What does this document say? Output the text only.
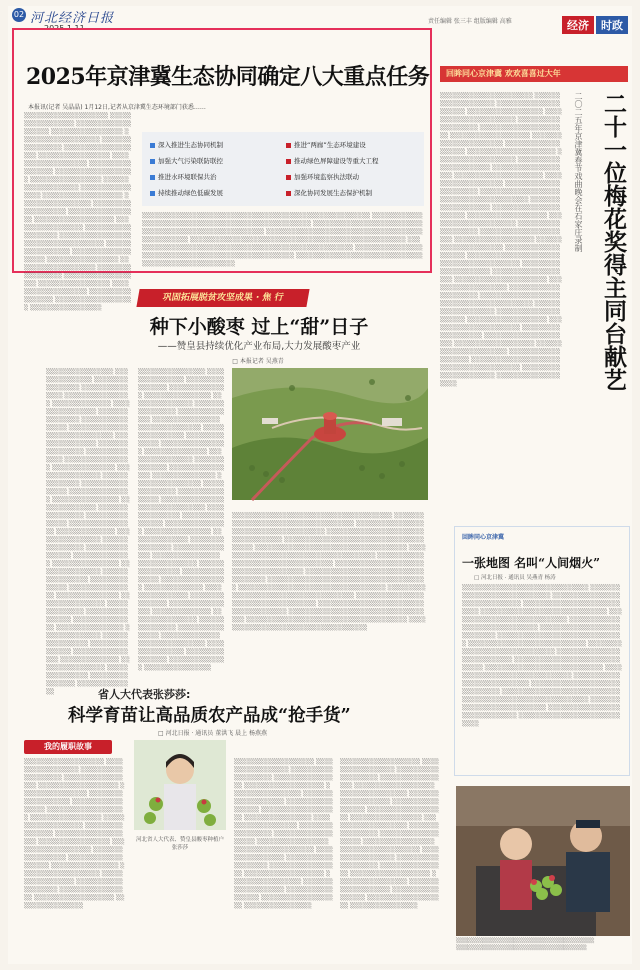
02 河北经济日报	责任编辑 张三丰 组版编辑 高雅	经济	时政
2025年京津冀生态协同确定八大重点任务
本报讯(记者 吴晶晶) 1月12日,记者从京津冀生态环境部门获悉……
░░░░░░░░░░░░░░░░░░░░ ░░░░░░░░░░░░░░░░░ ░░░░░░░░░░░░░░░░░░░ ░░░░░░░░░░░░░░░░░ ░░░░░░░░░░░░░░░░░░░ ░░░░░░░░░░░░░░░░ ░░░░░░░░░░░░░░░░░░░ ░░░░░░░░░░░░░░░░░ ░░░░░░░░░░░░░░░░░░░ ░░░░░░░░░░░░░░░░░ ░░░░░░░░░░░░░░░░░░░ ░░░░░░░░░░░░░░░░░ ░░░░░░░░░░░░░░░░░░░ ░░░░░░░░░░░░░░░░ ░░░░░░░░░░░░░░░░░░░ ░░░░░░░░░░░░░░░░░ ░░░░░░░░░░░░░░░░░░░ ░░░░░░░░░░░░░░░░░ ░░░░░░░░░░░░░░░░░░░ ░░░░░░░░░░░░░░░░░ ░░░░░░░░░░░░░░░░░░░ ░░░░░░░░░░░░░░░░░ ░░░░░░░░░░░░░░░░░░░ ░░░░░░░░░░░░░░░░░ ░░░░░░░░░░░░░░░░░░░ ░░░░░░░░░░░░░░░░░ ░░░░░░░░░░░░░░░░░░░ ░░░░░░░░░░░░░░░░░ ░░░░░░░░░░░░░░░░░░░ ░░░░░░░░░░░░░░░░░ ░░░░░░░░░░░░░░░░░░░ ░░░░░░░░░░░░░░░░░ ░░░░░░░░░░░░░░░░░░░ ░░░░░░░░░░░░░░░░░
深入推进生态协同机制
加强大气污染联防联控
推进水环境联保共治
持续推动绿色低碳发展
推进“两廊”生态环境建设
推动绿色屏障建设等重大工程
加强环境监察执法联动
深化协同发展生态保护机制
░░░░░░░░░░░░░░░░░░░░░░░░░░░░░░░░░░░░░░░░░░░░░░░░░░░░░░ ░░░░░░░░░░░░░░░░░░░░░░░░░░░░░░░░░░░░░░░░░░░░░░░░░░░░ ░░░░░░░░░░░░░░░░░░░░░░░░░░░░░░░░░░░░░░░░░░░░░░░░░░░░░░░ ░░░░░░░░░░░░░░░░░░░░░░░░░░░░░░░░░░░░░░░░░░░░░░░░ ░░░░░░░░░░░░░░░░░░░░░░░░░░░░░░░░░░░░░░░░░░░░░░░░░░░ ░░░░░░░░░░░░░░░░░░░░░░░░░░░░░░░░░░░░░░░░░░░░░░░░░░░░░ ░░░░░░░░░░░░░░░░░░░░░░░░░░░░░░░░░░░░░░░░░░░░░░░░░░░░ ░░░░░░░░░░░░░░░░░░░░░░░░░░░░░░░░░░░░░░░░░░░░░░░░░░░░
回眸同心京津冀 欢欢喜喜过大年
二十一位梅花奖得主同台献艺
二〇二五年京津冀春节戏曲晚会在石家庄录制
░░░░░░░░░░░░░░░░░░░░░░ ░░░░░░░░░░░░░░░░░░░ ░░░░░░░░░░░░░░░░░░░░░ ░░░░░░░░░░░░░░░░░░ ░░░░░░░░░░░░░░░░░░░░░░ ░░░░░░░░░░░░░░░░░░░ ░░░░░░░░░░░░░░░░░░░░░ ░░░░░░░░░░░░░░░░░░░ ░░░░░░░░░░░░░░░░░░░░░░ ░░░░░░░░░░░░░░░░░░░ ░░░░░░░░░░░░░░░░░░░░░ ░░░░░░░░░░░░░░░░░░░ ░░░░░░░░░░░░░░░░░░░░░░ ░░░░░░░░░░░░░░░░░░░ ░░░░░░░░░░░░░░░░░░░░░ ░░░░░░░░░░░░░░░░░░░ ░░░░░░░░░░░░░░░░░░░░░░ ░░░░░░░░░░░░░░░░░░░ ░░░░░░░░░░░░░░░░░░░░░ ░░░░░░░░░░░░░░░░░░░ ░░░░░░░░░░░░░░░░░░░░░░ ░░░░░░░░░░░░░░░░░░░ ░░░░░░░░░░░░░░░░░░░░░ ░░░░░░░░░░░░░░░░░░░ ░░░░░░░░░░░░░░░░░░░░░░ ░░░░░░░░░░░░░░░░░░░ ░░░░░░░░░░░░░░░░░░░░░ ░░░░░░░░░░░░░░░░░░░ ░░░░░░░░░░░░░░░░░░░░░░ ░░░░░░░░░░░░░░░░░░░ ░░░░░░░░░░░░░░░░░░░░░ ░░░░░░░░░░░░░░░░░░░ ░░░░░░░░░░░░░░░░░░░░░░ ░░░░░░░░░░░░░░░░░░░ ░░░░░░░░░░░░░░░░░░░░░ ░░░░░░░░░░░░░░░░░░░ ░░░░░░░░░░░░░░░░░░░░░░ ░░░░░░░░░░░░░░░░░░░ ░░░░░░░░░░░░░░░░░░░░░ ░░░░░░░░░░░░░░░░░░░ ░░░░░░░░░░░░░░░░░░░░░░ ░░░░░░░░░░░░░░░░░░░ ░░░░░░░░░░░░░░░░░░░░░ ░░░░░░░░░░░░░░░░░░░ ░░░░░░░░░░░░░░░░░░░░░░ ░░░░░░░░░░░░░░░░░░░ ░░░░░░░░░░░░░░░░░░░░░ ░░░░░░░░░░░░░░░░░░░ ░░░░░░░░░░░░░░░░░░░░░░ ░░░░░░░░░░░░░░░░░░░
巩固拓展脱贫攻坚成果 · 焦 行
种下小酸枣 过上“甜”日子
——赞皇县持续优化产业布局,大力发展酸枣产业
□ 本报记者 吴燕青
░░░░░░░░░░░░░░░░ ░░░░░░░░░░░░░░ ░░░░░░░░░░░░░░░░ ░░░░░░░░░░░░░░░ ░░░░░░░░░░░░░░░░ ░░░░░░░░░░░░░░ ░░░░░░░░░░░░░░░░ ░░░░░░░░░░░░░░░ ░░░░░░░░░░░░░░░░ ░░░░░░░░░░░░░░ ░░░░░░░░░░░░░░░░ ░░░░░░░░░░░░░░░ ░░░░░░░░░░░░░░░░ ░░░░░░░░░░░░░░ ░░░░░░░░░░░░░░░░ ░░░░░░░░░░░░░░░ ░░░░░░░░░░░░░░░░ ░░░░░░░░░░░░░░ ░░░░░░░░░░░░░░░░ ░░░░░░░░░░░░░░░ ░░░░░░░░░░░░░░░░ ░░░░░░░░░░░░░░ ░░░░░░░░░░░░░░░░ ░░░░░░░░░░░░░░░ ░░░░░░░░░░░░░░░░ ░░░░░░░░░░░░░░ ░░░░░░░░░░░░░░░░ ░░░░░░░░░░░░░░░ ░░░░░░░░░░░░░░░░ ░░░░░░░░░░░░░░ ░░░░░░░░░░░░░░░░ ░░░░░░░░░░░░░░░ ░░░░░░░░░░░░░░░░ ░░░░░░░░░░░░░░ ░░░░░░░░░░░░░░░░ ░░░░░░░░░░░░░░░ ░░░░░░░░░░░░░░░░ ░░░░░░░░░░░░░░ ░░░░░░░░░░░░░░░░ ░░░░░░░░░░░░░░░ ░░░░░░░░░░░░░░░░ ░░░░░░░░░░░░░░ ░░░░░░░░░░░░░░░░ ░░░░░░░░░░░░░░░ ░░░░░░░░░░░░░░░░ ░░░░░░░░░░░░░░ ░░░░░░░░░░░░░░░░ ░░░░░░░░░░░░░░░ ░░░░░░░░░░░░░░░░ ░░░░░░░░░░░░░░
░░░░░░░░░░░░░░░░ ░░░░░░░░░░░░░░░ ░░░░░░░░░░░░░░░░ ░░░░░░░░░░░░░░ ░░░░░░░░░░░░░░░░ ░░░░░░░░░░░░░░░ ░░░░░░░░░░░░░░░░ ░░░░░░░░░░░░░░ ░░░░░░░░░░░░░░░░ ░░░░░░░░░░░░░░░ ░░░░░░░░░░░░░░░░ ░░░░░░░░░░░░░░ ░░░░░░░░░░░░░░░░ ░░░░░░░░░░░░░░░ ░░░░░░░░░░░░░░░░ ░░░░░░░░░░░░░░ ░░░░░░░░░░░░░░░░ ░░░░░░░░░░░░░░░ ░░░░░░░░░░░░░░░░ ░░░░░░░░░░░░░░ ░░░░░░░░░░░░░░░░ ░░░░░░░░░░░░░░░ ░░░░░░░░░░░░░░░░ ░░░░░░░░░░░░░░ ░░░░░░░░░░░░░░░░ ░░░░░░░░░░░░░░░ ░░░░░░░░░░░░░░░░ ░░░░░░░░░░░░░░ ░░░░░░░░░░░░░░░░ ░░░░░░░░░░░░░░░ ░░░░░░░░░░░░░░░░ ░░░░░░░░░░░░░░ ░░░░░░░░░░░░░░░░ ░░░░░░░░░░░░░░░ ░░░░░░░░░░░░░░░░ ░░░░░░░░░░░░░░ ░░░░░░░░░░░░░░░░ ░░░░░░░░░░░░░░░ ░░░░░░░░░░░░░░░░ ░░░░░░░░░░░░░░ ░░░░░░░░░░░░░░░░ ░░░░░░░░░░░░░░░ ░░░░░░░░░░░░░░░░ ░░░░░░░░░░░░░░ ░░░░░░░░░░░░░░░░ ░░░░░░░░░░░░░░░ ░░░░░░░░░░░░░░░░ ░░░░░░░░░░░░░░ ░░░░░░░░░░░░░░░░
░░░░░░░░░░░░░░░░░░░░░░░░░░░░░░░░░░░░░░ ░░░░░░░░░░░░░░░░░░░░░░░░░░░░░░░░░░░░ ░░░░░░░░░░░░░░░░░░░░░░░░░░░░░░░░░░░░░░ ░░░░░░░░░░░░░░░░░░░░░░░░░░░░░░░░░░░ ░░░░░░░░░░░░░░░░░░░░░░░░░░░░░░░░░░░░░░ ░░░░░░░░░░░░░░░░░░░░░░░░░░░░░░░░░░░░ ░░░░░░░░░░░░░░░░░░░░░░░░░░░░░░░░░░░░░░ ░░░░░░░░░░░░░░░░░░░░░░░░░░░░░░░░░░░ ░░░░░░░░░░░░░░░░░░░░░░░░░░░░░░░░░░░░░░ ░░░░░░░░░░░░░░░░░░░░░░░░░░░░░░░░░░░░ ░░░░░░░░░░░░░░░░░░░░░░░░░░░░░░░░░░░░░░ ░░░░░░░░░░░░░░░░░░░░░░░░░░░░░░░░░░░ ░░░░░░░░░░░░░░░░░░░░░░░░░░░░░░░░░░░░░░ ░░░░░░░░░░░░░░░░░░░░░░░░░░░░░░░░░░░░ ░░░░░░░░░░░░░░░░░░░░░░░░░░░░░░░░░░░░░░ ░░░░░░░░░░░░░░░░░░░░░░░░░░░░░░░░░░░ ░░░░░░░░░░░░░░░░░░░░░░░░░░░░░░░░░░░░░░ ░░░░░░░░░░░░░░░░░░░░░░░░░░░░░░░░░░░░
回眸同心京津冀
一张地图 名叫“人间烟火”
□ 河北日报 · 通讯员 吴燕青 杨涛
░░░░░░░░░░░░░░░░░░░░░░░░░░░░░░ ░░░░░░░░░░░░░░░░░░░░░░░░░░░░ ░░░░░░░░░░░░░░░░░░░░░░░░░░░░░░ ░░░░░░░░░░░░░░░░░░░░░░░░░░░ ░░░░░░░░░░░░░░░░░░░░░░░░░░░░░░ ░░░░░░░░░░░░░░░░░░░░░░░░░░░░ ░░░░░░░░░░░░░░░░░░░░░░░░░░░░░░ ░░░░░░░░░░░░░░░░░░░░░░░░░░░ ░░░░░░░░░░░░░░░░░░░░░░░░░░░░░░ ░░░░░░░░░░░░░░░░░░░░░░░░░░░░ ░░░░░░░░░░░░░░░░░░░░░░░░░░░░░░ ░░░░░░░░░░░░░░░░░░░░░░░░░░░ ░░░░░░░░░░░░░░░░░░░░░░░░░░░░░░ ░░░░░░░░░░░░░░░░░░░░░░░░░░░░ ░░░░░░░░░░░░░░░░░░░░░░░░░░░░░░ ░░░░░░░░░░░░░░░░░░░░░░░░░░░ ░░░░░░░░░░░░░░░░░░░░░░░░░░░░░░ ░░░░░░░░░░░░░░░░░░░░░░░░░░░░ ░░░░░░░░░░░░░░░░░░░░░░░░░░░░░░ ░░░░░░░░░░░░░░░░░░░░░░░░░░░ ░░░░░░░░░░░░░░░░░░░░░░░░░░░░░░ ░░░░░░░░░░░░░░░░░░░░░░░░░░░░
░░░░░░░░░░░░░░░░░░░░░░░░░░░░░░░░░░░░ ░░░░░░░░░░░░░░░░░░░░░░░░░░░░░░░░░░
省人大代表张莎莎:
科学育苗让高品质农产品成“抢手货”
□ 河北日报 · 通讯员 董洪飞 晨上 杨燕燕
我的履职故事
░░░░░░░░░░░░░░░░░░░ ░░░░░░░░░░░░░░░░░ ░░░░░░░░░░░░░░░░░░░ ░░░░░░░░░░░░░░░░░ ░░░░░░░░░░░░░░░░░░░ ░░░░░░░░░░░░░░░░ ░░░░░░░░░░░░░░░░░░░ ░░░░░░░░░░░░░░░░░ ░░░░░░░░░░░░░░░░░░░ ░░░░░░░░░░░░░░░░░ ░░░░░░░░░░░░░░░░░░░ ░░░░░░░░░░░░░░░░ ░░░░░░░░░░░░░░░░░░░ ░░░░░░░░░░░░░░░░░ ░░░░░░░░░░░░░░░░░░░ ░░░░░░░░░░░░░░░░░ ░░░░░░░░░░░░░░░░░░░ ░░░░░░░░░░░░░░░░ ░░░░░░░░░░░░░░░░░░░ ░░░░░░░░░░░░░░░░░ ░░░░░░░░░░░░░░░░░░░ ░░░░░░░░░░░░░░░░░ ░░░░░░░░░░░░░░░░░░░ ░░░░░░░░░░░░░░░░
河北省人大代表、赞皇县酸枣种植户 张莎莎
░░░░░░░░░░░░░░░░░░░ ░░░░░░░░░░░░░░░░░ ░░░░░░░░░░░░░░░░░░░ ░░░░░░░░░░░░░░░░ ░░░░░░░░░░░░░░░░░░░ ░░░░░░░░░░░░░░░░░ ░░░░░░░░░░░░░░░░░░░ ░░░░░░░░░░░░░░░░░ ░░░░░░░░░░░░░░░░░░░ ░░░░░░░░░░░░░░░░ ░░░░░░░░░░░░░░░░░░░ ░░░░░░░░░░░░░░░░░ ░░░░░░░░░░░░░░░░░░░ ░░░░░░░░░░░░░░░░░ ░░░░░░░░░░░░░░░░░░░ ░░░░░░░░░░░░░░░░ ░░░░░░░░░░░░░░░░░░░ ░░░░░░░░░░░░░░░░░ ░░░░░░░░░░░░░░░░░░░ ░░░░░░░░░░░░░░░░░ ░░░░░░░░░░░░░░░░░░░ ░░░░░░░░░░░░░░░░░ ░░░░░░░░░░░░░░░░░░░ ░░░░░░░░░░░░░░░░
░░░░░░░░░░░░░░░░░░░ ░░░░░░░░░░░░░░░░░ ░░░░░░░░░░░░░░░░░░░ ░░░░░░░░░░░░░░░░░ ░░░░░░░░░░░░░░░░░░░ ░░░░░░░░░░░░░░░░ ░░░░░░░░░░░░░░░░░░░ ░░░░░░░░░░░░░░░░░ ░░░░░░░░░░░░░░░░░░░ ░░░░░░░░░░░░░░░░░ ░░░░░░░░░░░░░░░░░░░ ░░░░░░░░░░░░░░░░ ░░░░░░░░░░░░░░░░░░░ ░░░░░░░░░░░░░░░░░ ░░░░░░░░░░░░░░░░░░░ ░░░░░░░░░░░░░░░░░ ░░░░░░░░░░░░░░░░░░░ ░░░░░░░░░░░░░░░░ ░░░░░░░░░░░░░░░░░░░ ░░░░░░░░░░░░░░░░░ ░░░░░░░░░░░░░░░░░░░ ░░░░░░░░░░░░░░░░░ ░░░░░░░░░░░░░░░░░░░ ░░░░░░░░░░░░░░░░
